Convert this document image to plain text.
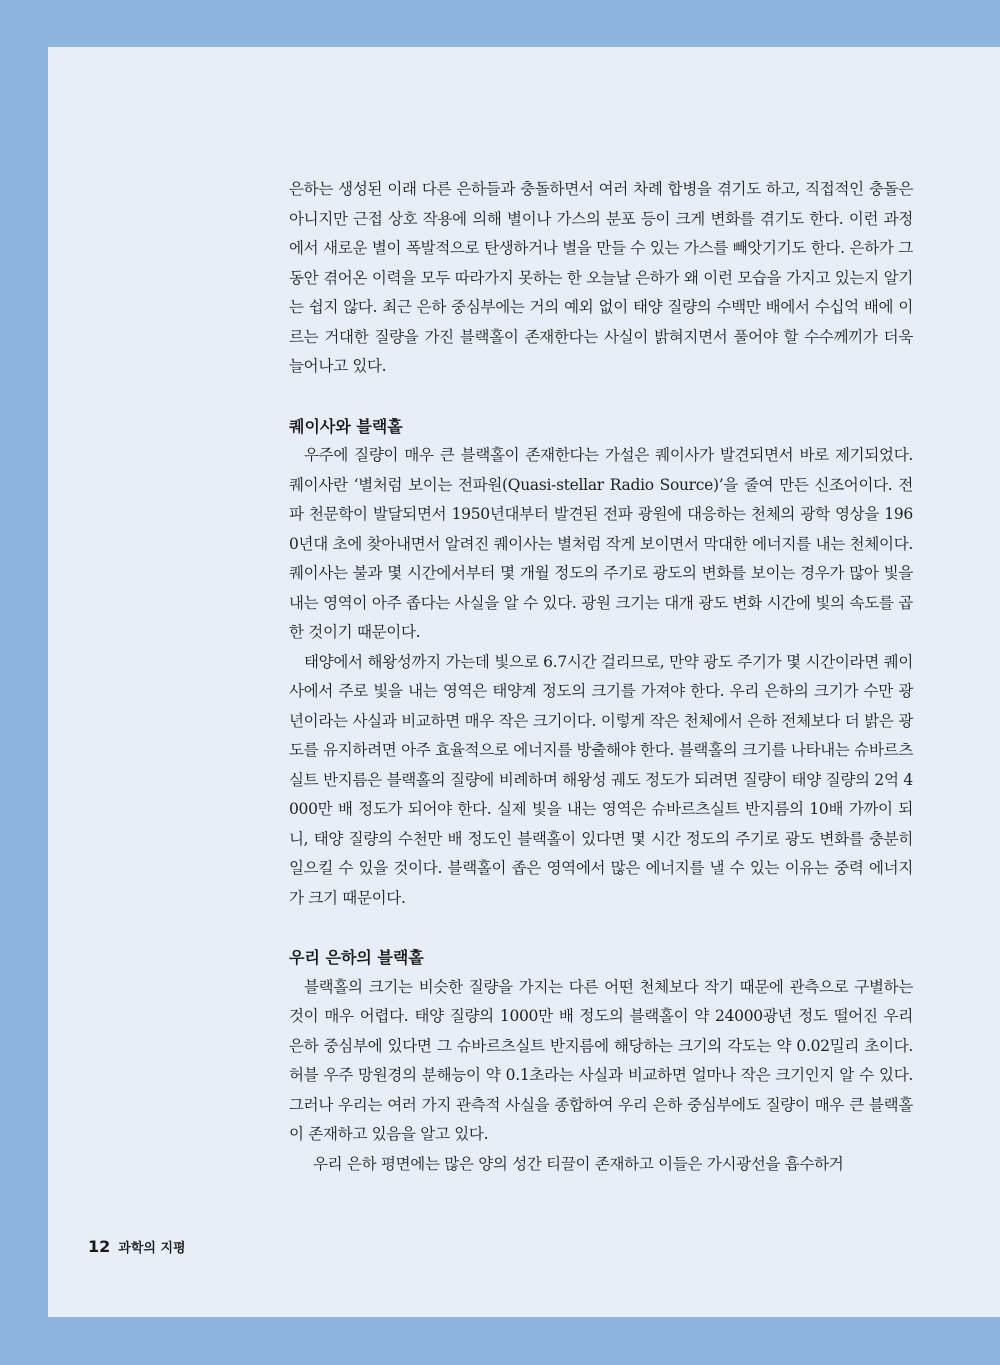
은하는 생성된 이래 다른 은하들과 충돌하면서 여러 차례 합병을 겪기도 하고, 직접적인 충돌은 아니지만 근접 상호 작용에 의해 별이나 가스의 분포 등이 크게 변화를 겪기도 한다. 이런 과정에서 새로운 별이 폭발적으로 탄생하거나 별을 만들 수 있는 가스를 빼앗기기도 한다. 은하가 그동안 겪어온 이력을 모두 따라가지 못하는 한 오늘날 은하가 왜 이런 모습을 가지고 있는지 알기는 쉽지 않다. 최근 은하 중심부에는 거의 예외 없이 태양 질량의 수백만 배에서 수십억 배에 이르는 거대한 질량을 가진 블랙홀이 존재한다는 사실이 밝혀지면서 풀어야 할 수수께끼가 더욱 늘어나고 있다.

퀘이사와 블랙홀

우주에 질량이 매우 큰 블랙홀이 존재한다는 가설은 퀘이사가 발견되면서 바로 제기되었다. 퀘이사란 ‘별처럼 보이는 전파원(Quasi-stellar Radio Source)’을 줄여 만든 신조어이다. 전파 천문학이 발달되면서 1950년대부터 발견된 전파 광원에 대응하는 천체의 광학 영상을 1960년대 초에 찾아내면서 알려진 퀘이사는 별처럼 작게 보이면서 막대한 에너지를 내는 천체이다. 퀘이사는 불과 몇 시간에서부터 몇 개월 정도의 주기로 광도의 변화를 보이는 경우가 많아 빛을 내는 영역이 아주 좁다는 사실을 알 수 있다. 광원 크기는 대개 광도 변화 시간에 빛의 속도를 곱한 것이기 때문이다.

태양에서 해왕성까지 가는데 빛으로 6.7시간 걸리므로, 만약 광도 주기가 몇 시간이라면 퀘이사에서 주로 빛을 내는 영역은 태양계 정도의 크기를 가져야 한다. 우리 은하의 크기가 수만 광년이라는 사실과 비교하면 매우 작은 크기이다. 이렇게 작은 천체에서 은하 전체보다 더 밝은 광도를 유지하려면 아주 효율적으로 에너지를 방출해야 한다. 블랙홀의 크기를 나타내는 슈바르츠실트 반지름은 블랙홀의 질량에 비례하며 해왕성 궤도 정도가 되려면 질량이 태양 질량의 2억 4000만 배 정도가 되어야 한다. 실제 빛을 내는 영역은 슈바르츠실트 반지름의 10배 가까이 되니, 태양 질량의 수천만 배 정도인 블랙홀이 있다면 몇 시간 정도의 주기로 광도 변화를 충분히 일으킬 수 있을 것이다. 블랙홀이 좁은 영역에서 많은 에너지를 낼 수 있는 이유는 중력 에너지가 크기 때문이다.

우리 은하의 블랙홀

블랙홀의 크기는 비슷한 질량을 가지는 다른 어떤 천체보다 작기 때문에 관측으로 구별하는 것이 매우 어렵다. 태양 질량의 1000만 배 정도의 블랙홀이 약 24000광년 정도 떨어진 우리 은하 중심부에 있다면 그 슈바르츠실트 반지름에 해당하는 크기의 각도는 약 0.02밀리 초이다. 허블 우주 망원경의 분해능이 약 0.1초라는 사실과 비교하면 얼마나 작은 크기인지 알 수 있다. 그러나 우리는 여러 가지 관측적 사실을 종합하여 우리 은하 중심부에도 질량이 매우 큰 블랙홀이 존재하고 있음을 알고 있다.

우리 은하 평면에는 많은 양의 성간 티끌이 존재하고 이들은 가시광선을 흡수하거

12 과학의 지평
